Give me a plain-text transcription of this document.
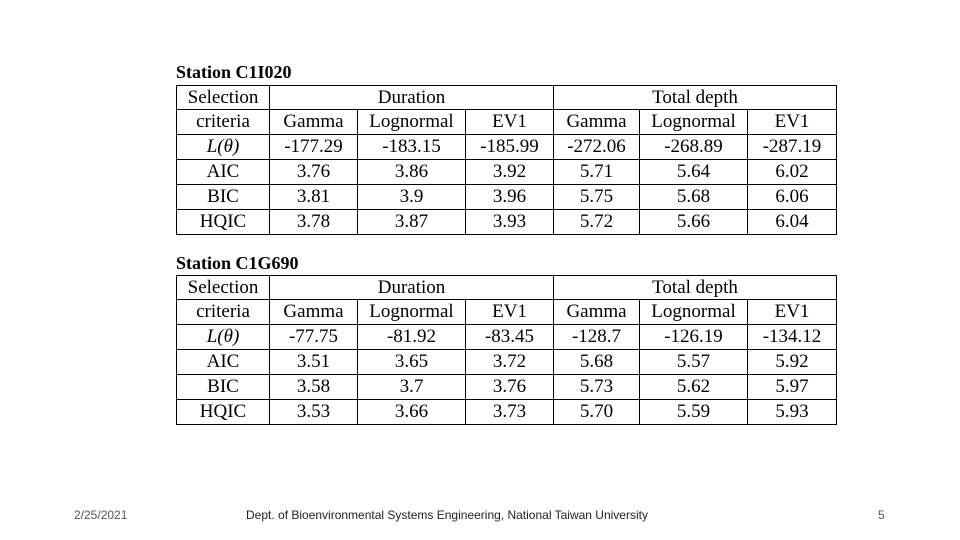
Station C1I020
Selection	Duration			Total depth		
criteria	Gamma	Lognormal	EV1	Gamma	Lognormal	EV1
L(θ)	-177.29	-183.15	-185.99	-272.06	-268.89	-287.19
AIC	3.76	3.86	3.92	5.71	5.64	6.02
BIC	3.81	3.9	3.96	5.75	5.68	6.06
HQIC	3.78	3.87	3.93	5.72	5.66	6.04
Station C1G690
Selection	Duration			Total depth		
criteria	Gamma	Lognormal	EV1	Gamma	Lognormal	EV1
L(θ)	-77.75	-81.92	-83.45	-128.7	-126.19	-134.12
AIC	3.51	3.65	3.72	5.68	5.57	5.92
BIC	3.58	3.7	3.76	5.73	5.62	5.97
HQIC	3.53	3.66	3.73	5.70	5.59	5.93
2/25/2021	Dept. of Bioenvironmental Systems Engineering, National Taiwan University	5
